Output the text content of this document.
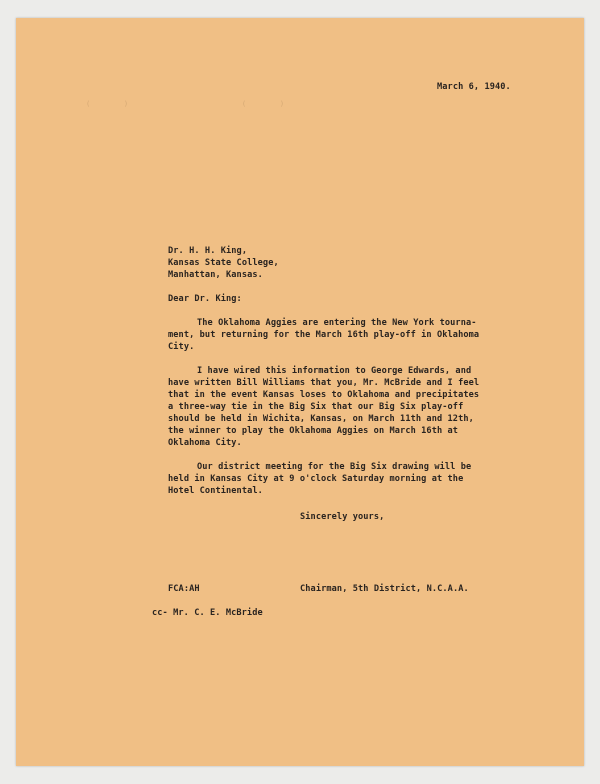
(        )                           (        )
March 6, 1940.
Dr. H. H. King,
Kansas State College,
Manhattan, Kansas.
Dear Dr. King:
The Oklahoma Aggies are entering the New York tourna-
ment, but returning for the March 16th play-off in Oklahoma
City.
I have wired this information to George Edwards, and
have written Bill Williams that you, Mr. McBride and I feel
that in the event Kansas loses to Oklahoma and precipitates
a three-way tie in the Big Six that our Big Six play-off
should be held in Wichita, Kansas, on March 11th and 12th,
the winner to play the Oklahoma Aggies on March 16th at
Oklahoma City.
Our district meeting for the Big Six drawing will be
held in Kansas City at 9 o'clock Saturday morning at the
Hotel Continental.
Sincerely yours,
FCA:AH	Chairman, 5th District, N.C.A.A.
cc- Mr. C. E. McBride
